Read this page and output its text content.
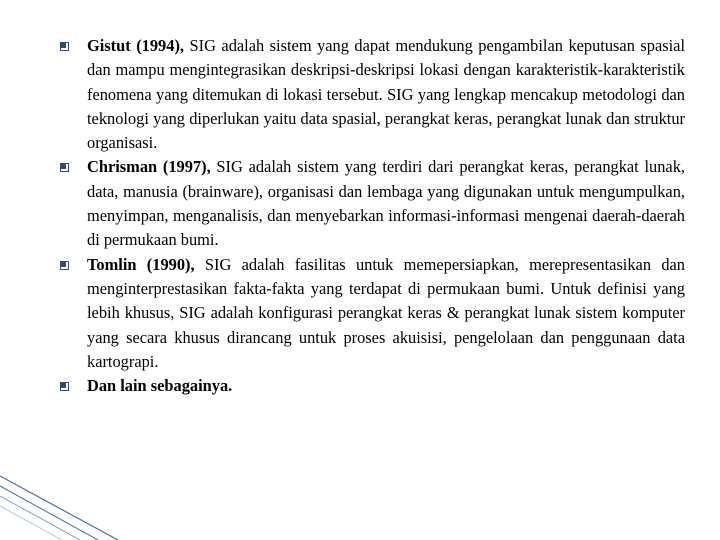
Gistut (1994), SIG adalah sistem yang dapat mendukung pengambilan keputusan spasial dan mampu mengintegrasikan deskripsi-deskripsi lokasi dengan karakteristik-karakteristik fenomena yang ditemukan di lokasi tersebut. SIG yang lengkap mencakup metodologi dan teknologi yang diperlukan yaitu data spasial, perangkat keras, perangkat lunak dan struktur organisasi.
Chrisman (1997), SIG adalah sistem yang terdiri dari perangkat keras, perangkat lunak, data, manusia (brainware), organisasi dan lembaga yang digunakan untuk mengumpulkan, menyimpan, menganalisis, dan menyebarkan informasi-informasi mengenai daerah-daerah di permukaan bumi.
Tomlin (1990), SIG adalah fasilitas untuk memepersiapkan, merepresentasikan dan menginterprestasikan fakta-fakta yang terdapat di permukaan bumi. Untuk definisi yang lebih khusus, SIG adalah konfigurasi perangkat keras & perangkat lunak sistem komputer yang secara khusus dirancang untuk proses akuisisi, pengelolaan dan penggunaan data kartograpi.
Dan lain sebagainya.
